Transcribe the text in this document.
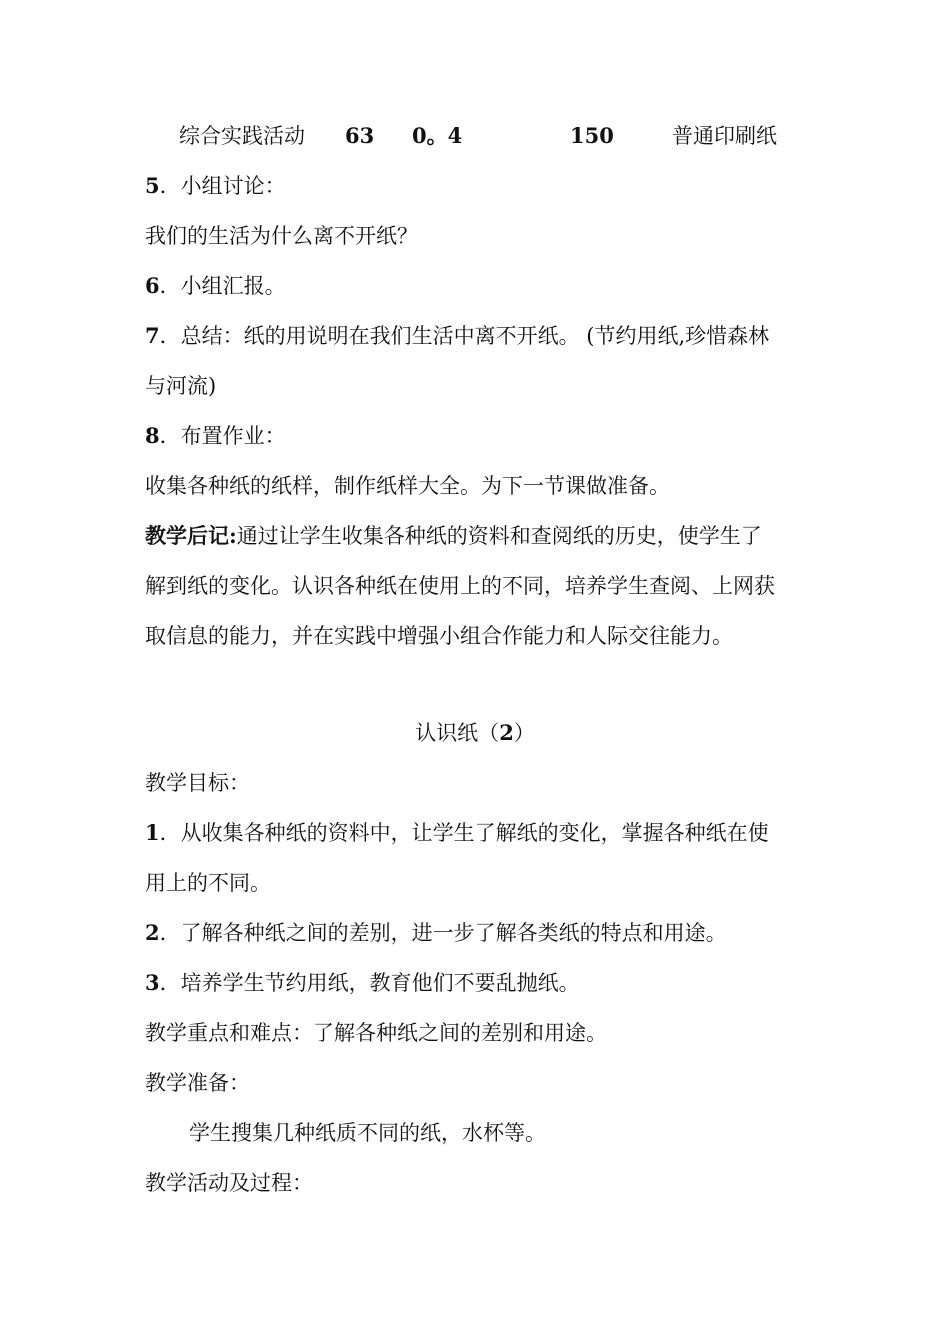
综合实践活动 63 0。4	150	普通印刷纸
5．小组讨论：
我们的生活为什么离不开纸？
6．小组汇报。
7．总结：纸的用说明在我们生活中离不开纸。 (节约用纸,珍惜森林
与河流)
8．布置作业：
收集各种纸的纸样，制作纸样大全。为下一节课做准备。
教学后记:通过让学生收集各种纸的资料和查阅纸的历史，使学生了
解到纸的变化。认识各种纸在使用上的不同，培养学生查阅、上网获
取信息的能力，并在实践中增强小组合作能力和人际交往能力。
认识纸（2）
教学目标：
1．从收集各种纸的资料中，让学生了解纸的变化，掌握各种纸在使
用上的不同。
2．了解各种纸之间的差别，进一步了解各类纸的特点和用途。
3．培养学生节约用纸，教育他们不要乱抛纸。
教学重点和难点：了解各种纸之间的差别和用途。
教学准备：
学生搜集几种纸质不同的纸，水杯等。
教学活动及过程：
